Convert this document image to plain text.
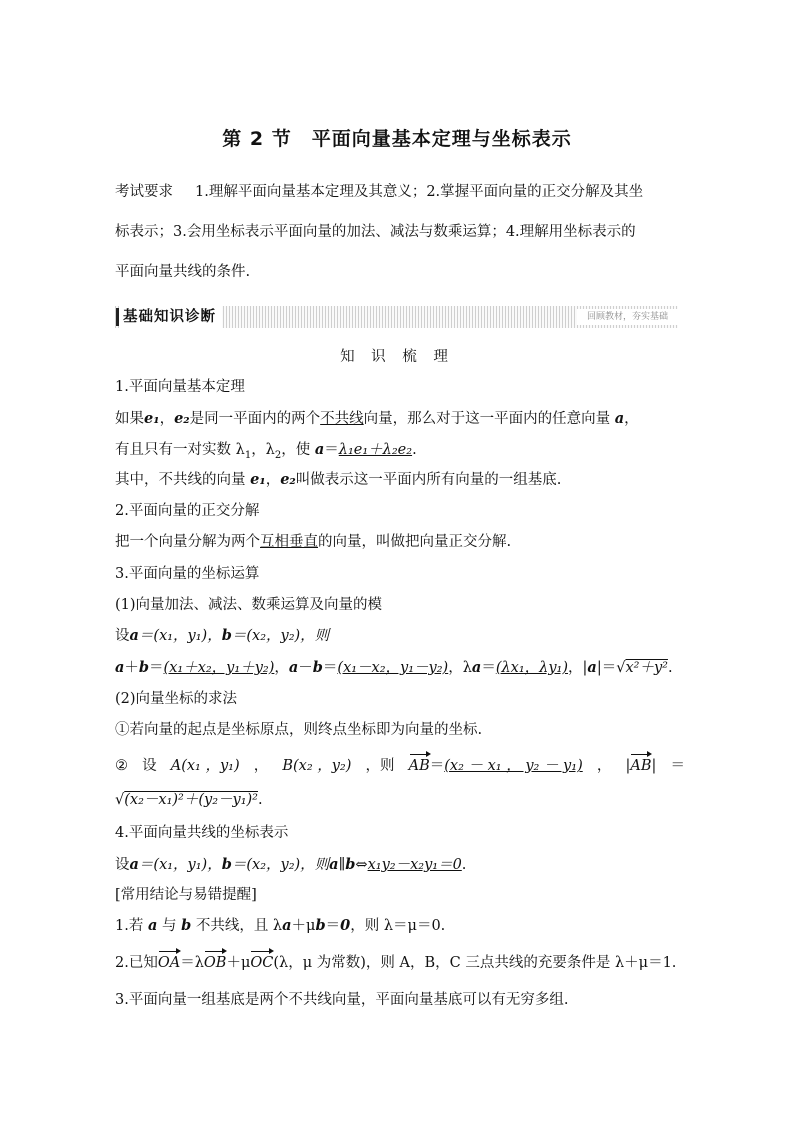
第 2 节　平面向量基本定理与坐标表示
考试要求 1.理解平面向量基本定理及其意义；2.掌握平面向量的正交分解及其坐
标表示；3.会用坐标表示平面向量的加法、减法与数乘运算；4.理解用坐标表示的
平面向量共线的条件.
基础知识诊断	回顾教材，夯实基础
知 识 梳 理
1.平面向量基本定理
如果e₁，e₂是同一平面内的两个不共线向量，那么对于这一平面内的任意向量 a，
有且只有一对实数 $\lambda_1$，$\lambda_2$，使 a＝λ₁e₁＋λ₂e₂.
其中，不共线的向量 e₁，e₂叫做表示这一平面内所有向量的一组基底.
2.平面向量的正交分解
把一个向量分解为两个互相垂直的向量，叫做把向量正交分解.
3.平面向量的坐标运算
(1)向量加法、减法、数乘运算及向量的模
设a＝(x₁，y₁)，b＝(x₂，y₂)，则
a＋b＝(x₁＋x₂，y₁＋y₂)，a－b＝(x₁－x₂，y₁－y₂)，λa＝(λx₁，λy₁)，|a|＝√x²＋y².
(2)向量坐标的求法
①若向量的起点是坐标原点，则终点坐标即为向量的坐标.
② 设 A(x₁ ，y₁) ， B(x₂ ，y₂) ，则 AB＝(x₂ － x₁ ， y₂ － y₁) ， |AB| ＝
√(x₂－x₁)²＋(y₂－y₁)².
4.平面向量共线的坐标表示
设a＝(x₁，y₁)，b＝(x₂，y₂)，则a∥b⇔x₁y₂－x₂y₁＝0.
[常用结论与易错提醒]
1.若 a 与 b 不共线，且 λa＋μb＝0，则 λ＝μ＝0.
2.已知OA＝λOB＋μOC(λ，μ 为常数)，则 A，B，C 三点共线的充要条件是 λ＋μ＝1.
3.平面向量一组基底是两个不共线向量，平面向量基底可以有无穷多组.
